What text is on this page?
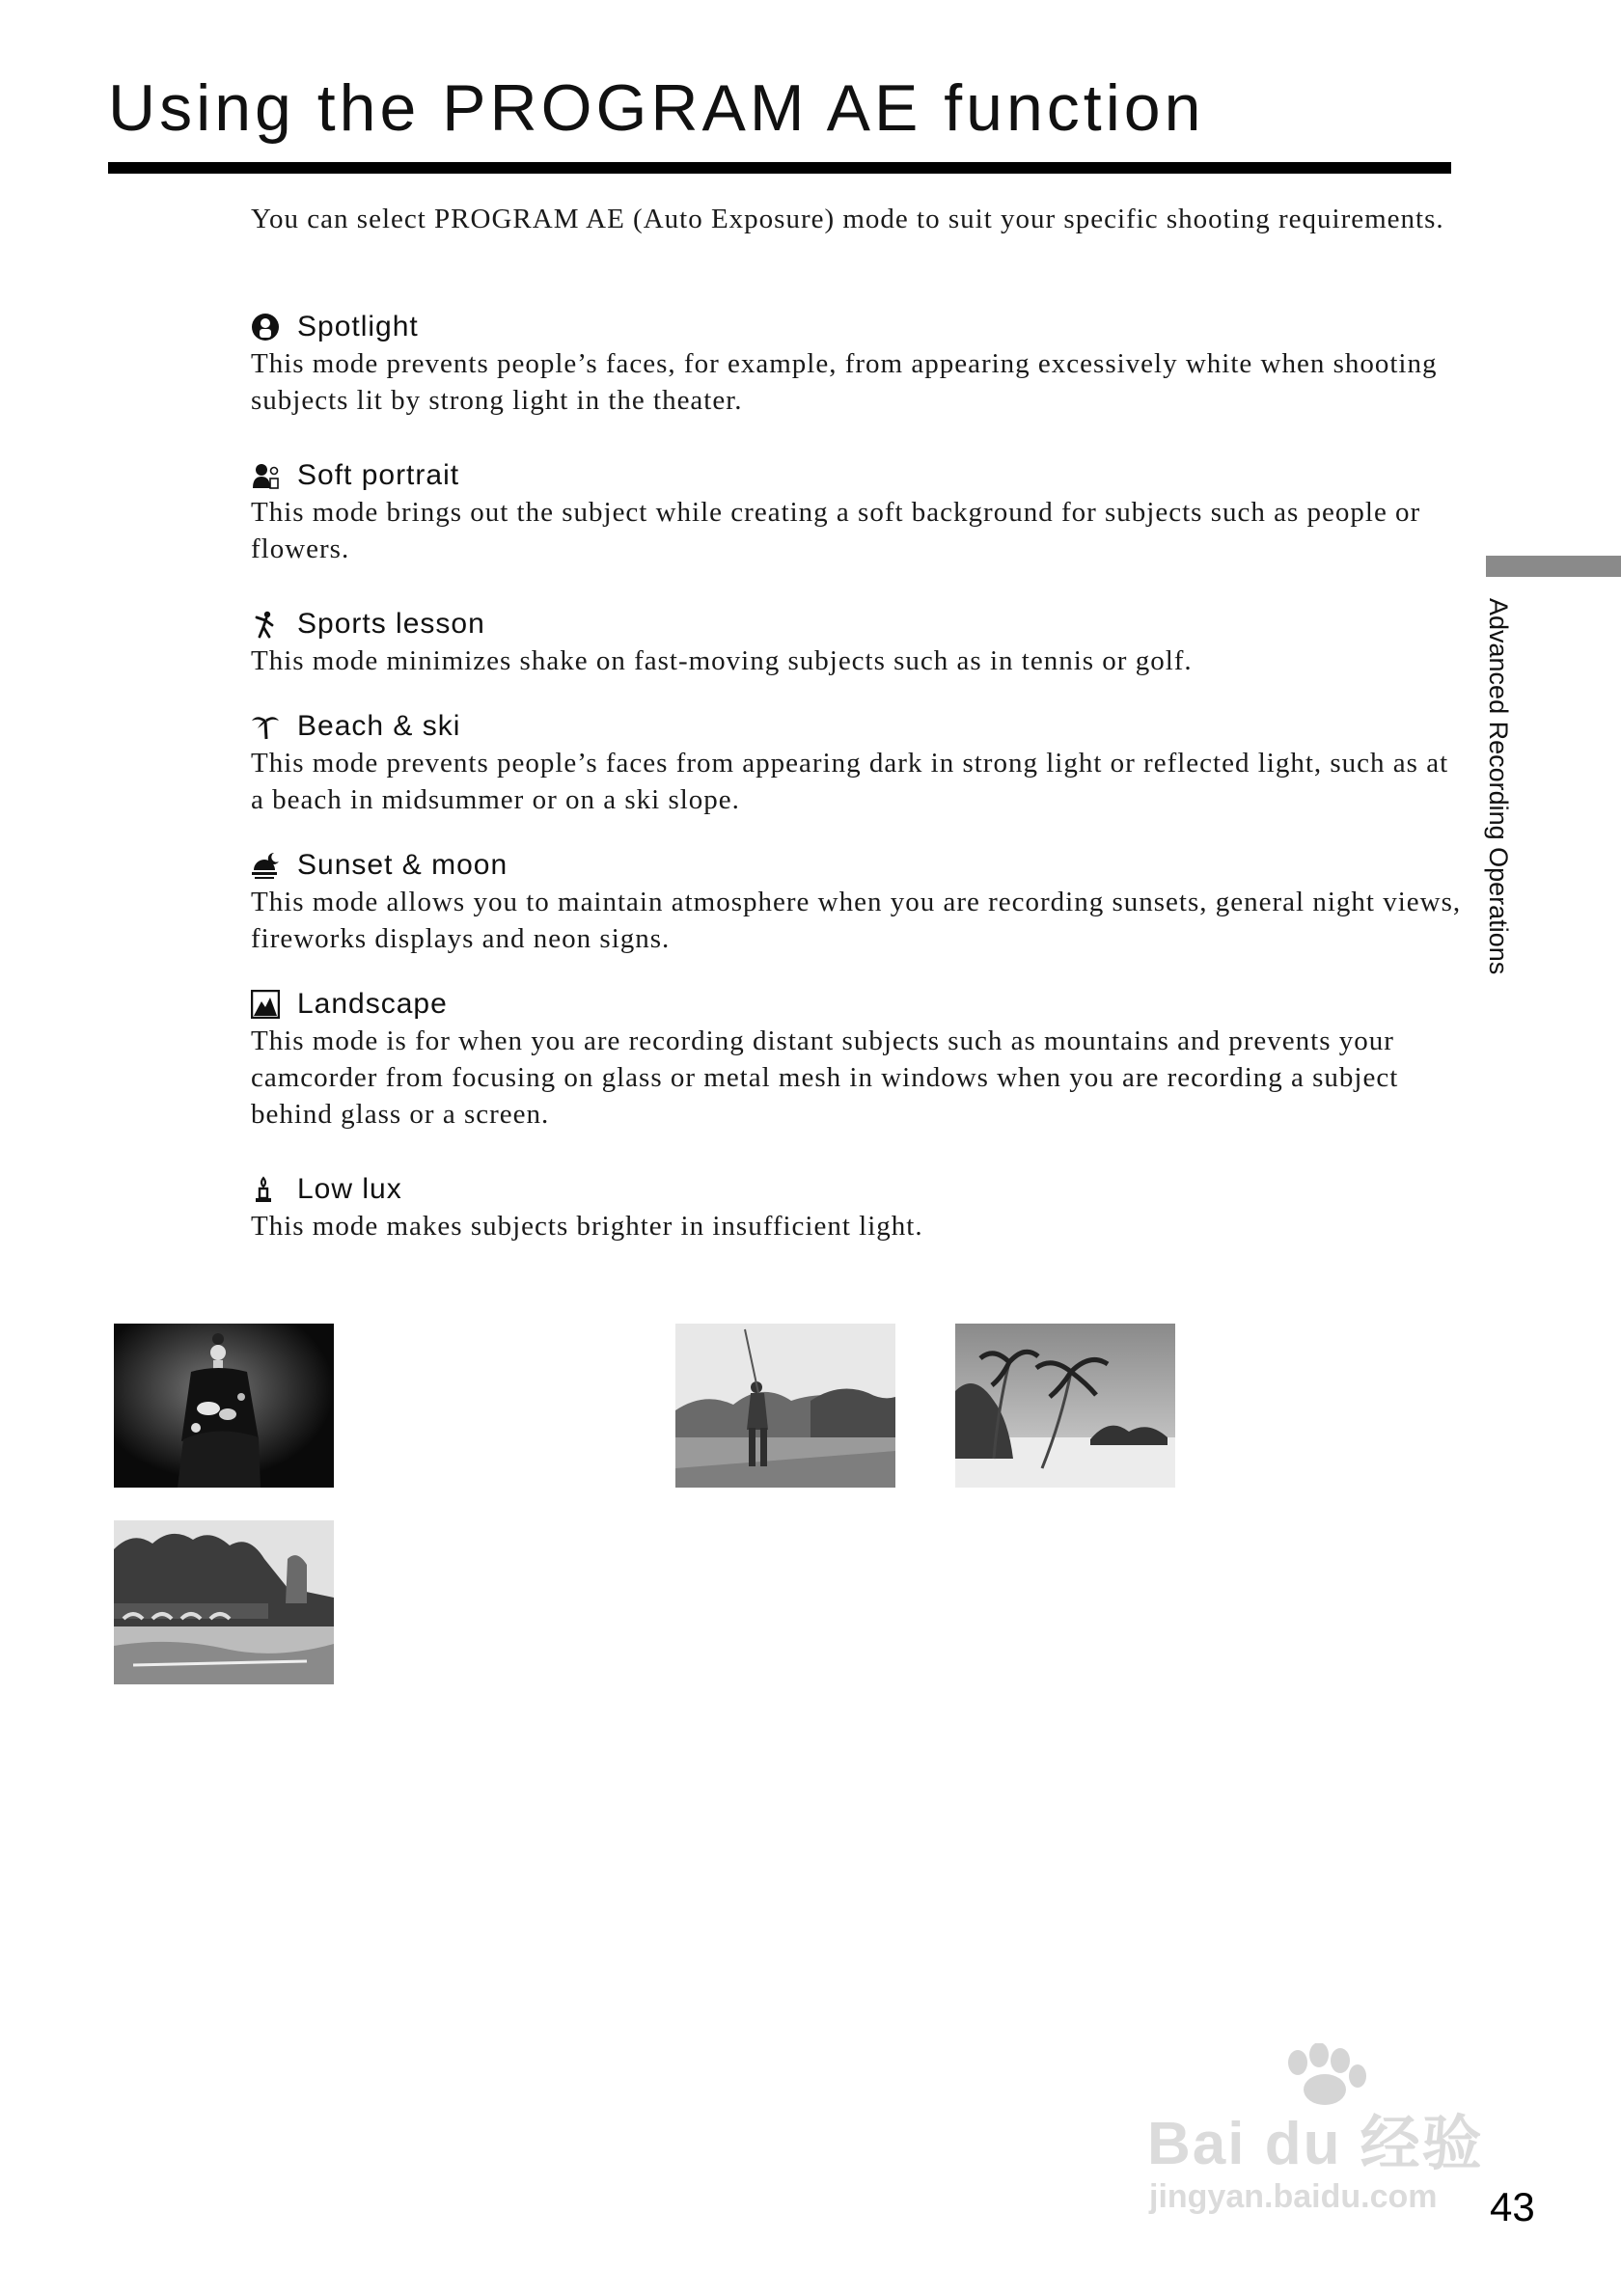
Using the PROGRAM AE function

You can select PROGRAM AE (Auto Exposure) mode to suit your specific shooting requirements.

Spotlight
This mode prevents people’s faces, for example, from appearing excessively white when shooting subjects lit by strong light in the theater.
Soft portrait
This mode brings out the subject while creating a soft background for subjects such as people or flowers.
Sports lesson
This mode minimizes shake on fast-moving subjects such as in tennis or golf.
Beach & ski
This mode prevents people’s faces from appearing dark in strong light or reflected light, such as at a beach in midsummer or on a ski slope.
Sunset & moon
This mode allows you to maintain atmosphere when you are recording sunsets, general night views, fireworks displays and neon signs.
Landscape
This mode is for when you are recording distant subjects such as mountains and prevents your camcorder from focusing on glass or metal mesh in windows when you are recording a subject behind glass or a screen.
Low lux
This mode makes subjects brighter in insufficient light.
Advanced Recording Operations
Bai du 经验
jingyan.baidu.com 43
